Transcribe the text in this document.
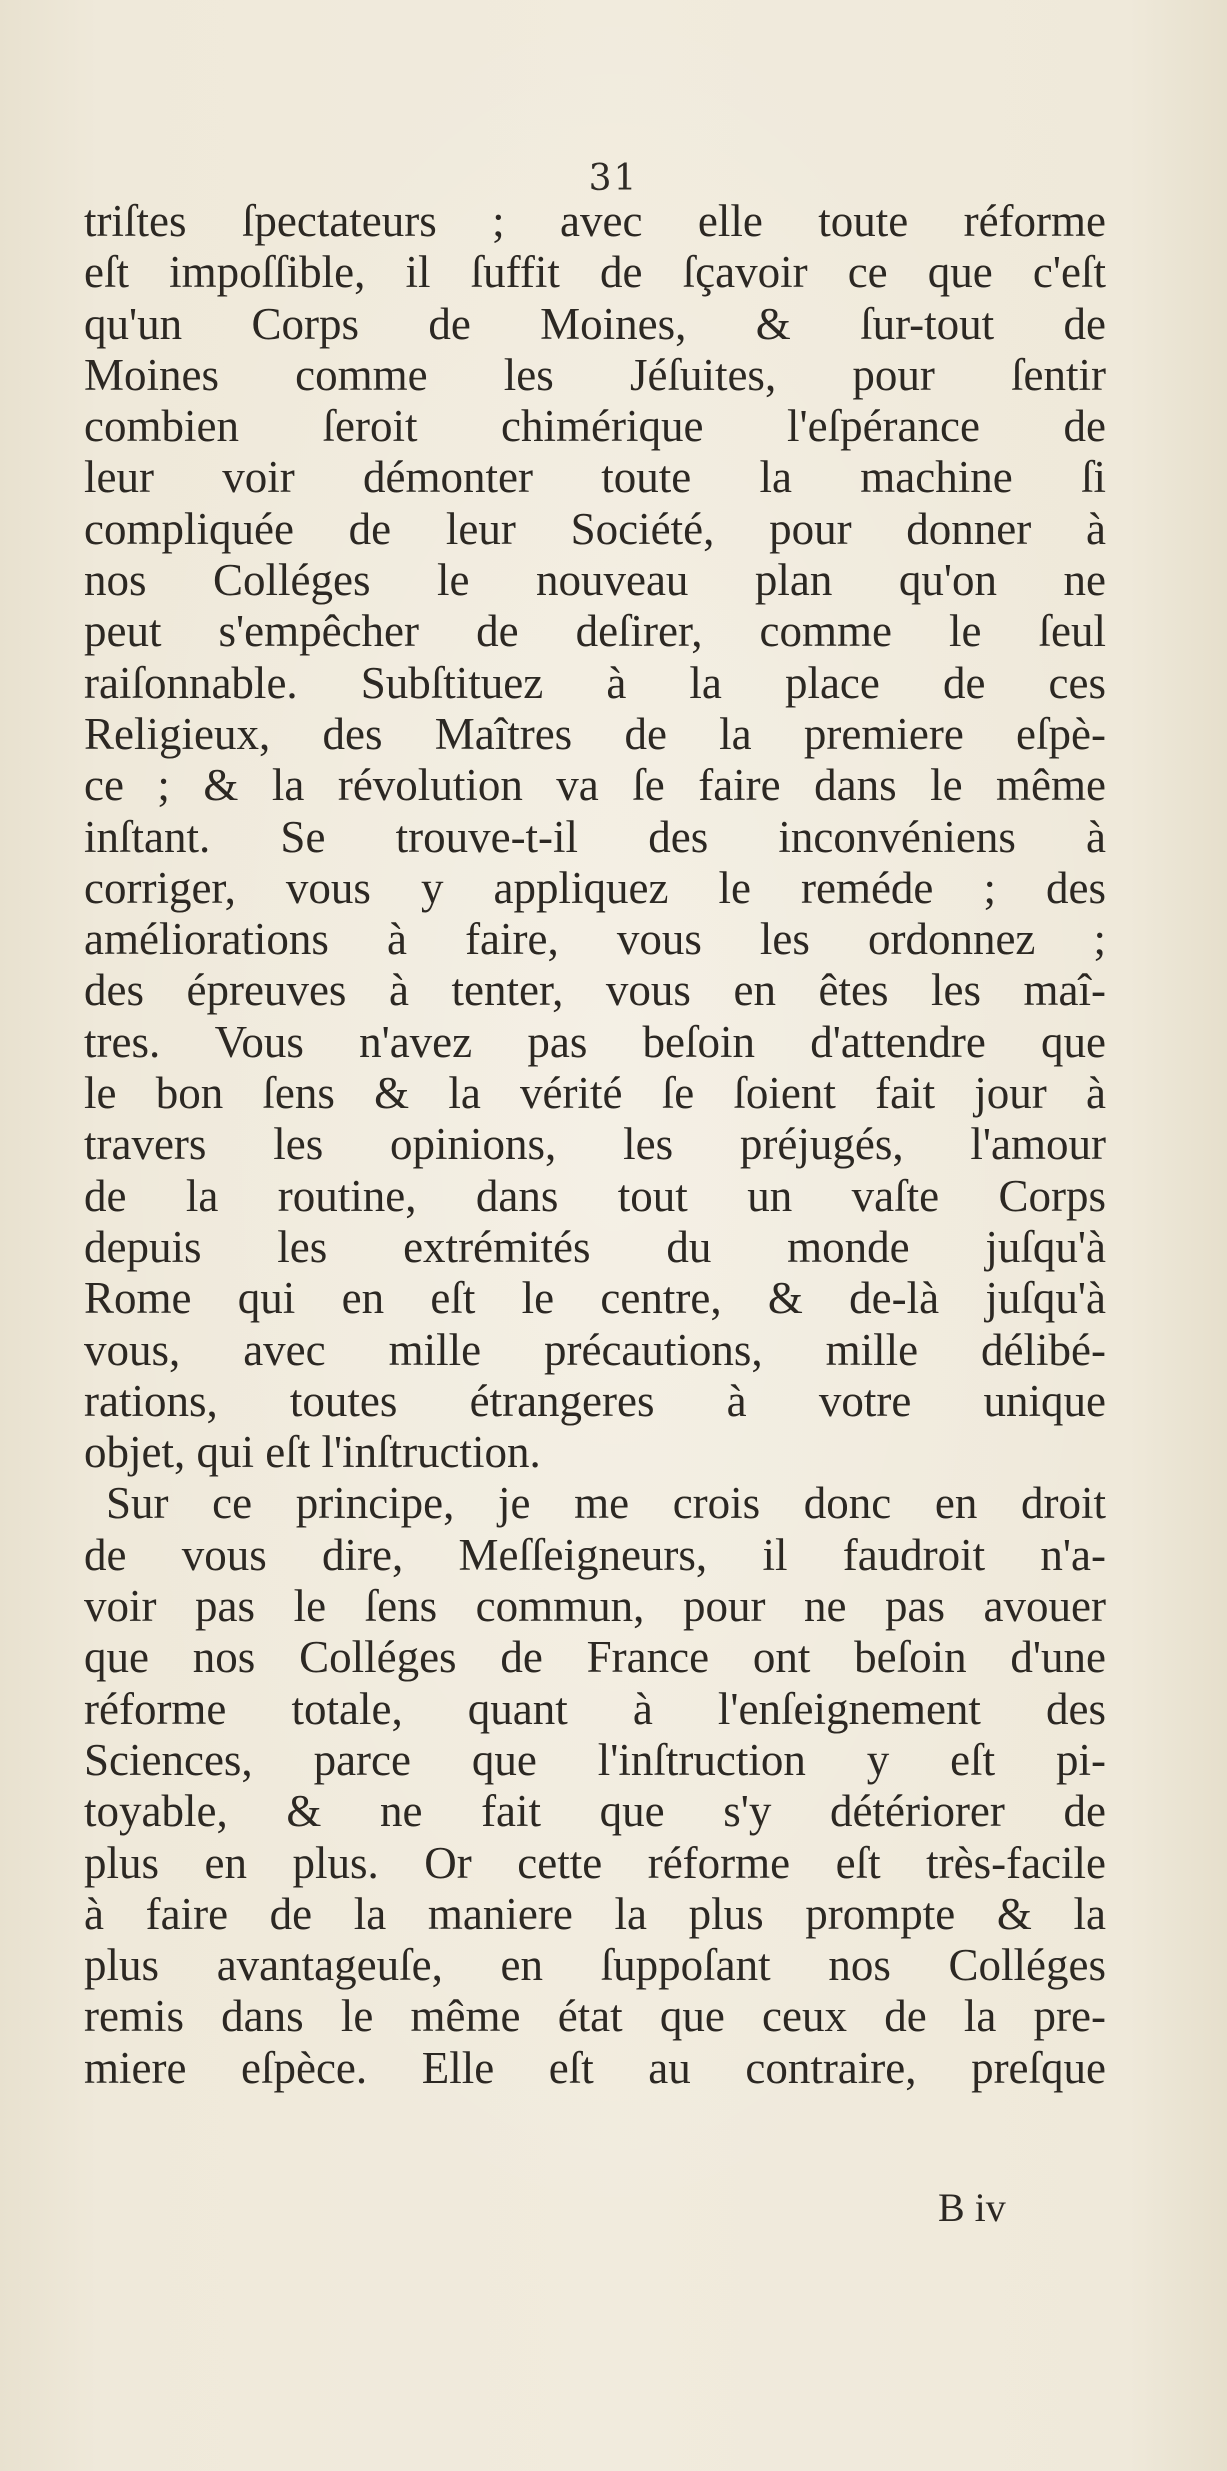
31
triſtes ſpectateurs ; avec elle toute réforme
eſt impoſſible, il ſuffit de ſçavoir ce que c'eſt
qu'un Corps de Moines, & ſur-tout de
Moines comme les Jéſuites, pour ſentir
combien ſeroit chimérique l'eſpérance de
leur voir démonter toute la machine ſi
compliquée de leur Société, pour donner à
nos Colléges le nouveau plan qu'on ne
peut s'empêcher de deſirer, comme le ſeul
raiſonnable. Subſtituez à la place de ces
Religieux, des Maîtres de la premiere eſpè-
ce ; & la révolution va ſe faire dans le même
inſtant. Se trouve-t-il des inconvéniens à
corriger, vous y appliquez le reméde ; des
améliorations à faire, vous les ordonnez ;
des épreuves à tenter, vous en êtes les maî-
tres. Vous n'avez pas beſoin d'attendre que
le bon ſens & la vérité ſe ſoient fait jour à
travers les opinions, les préjugés, l'amour
de la routine, dans tout un vaſte Corps
depuis les extrémités du monde juſqu'à
Rome qui en eſt le centre, & de-là juſqu'à
vous, avec mille précautions, mille délibé-
rations, toutes étrangeres à votre unique
objet, qui eſt l'inſtruction.
Sur ce principe, je me crois donc en droit
de vous dire, Meſſeigneurs, il faudroit n'a-
voir pas le ſens commun, pour ne pas avouer
que nos Colléges de France ont beſoin d'une
réforme totale, quant à l'enſeignement des
Sciences, parce que l'inſtruction y eſt pi-
toyable, & ne fait que s'y détériorer de
plus en plus. Or cette réforme eſt très-facile
à faire de la maniere la plus prompte & la
plus avantageuſe, en ſuppoſant nos Colléges
remis dans le même état que ceux de la pre-
miere eſpèce. Elle eſt au contraire, preſque
B iv
